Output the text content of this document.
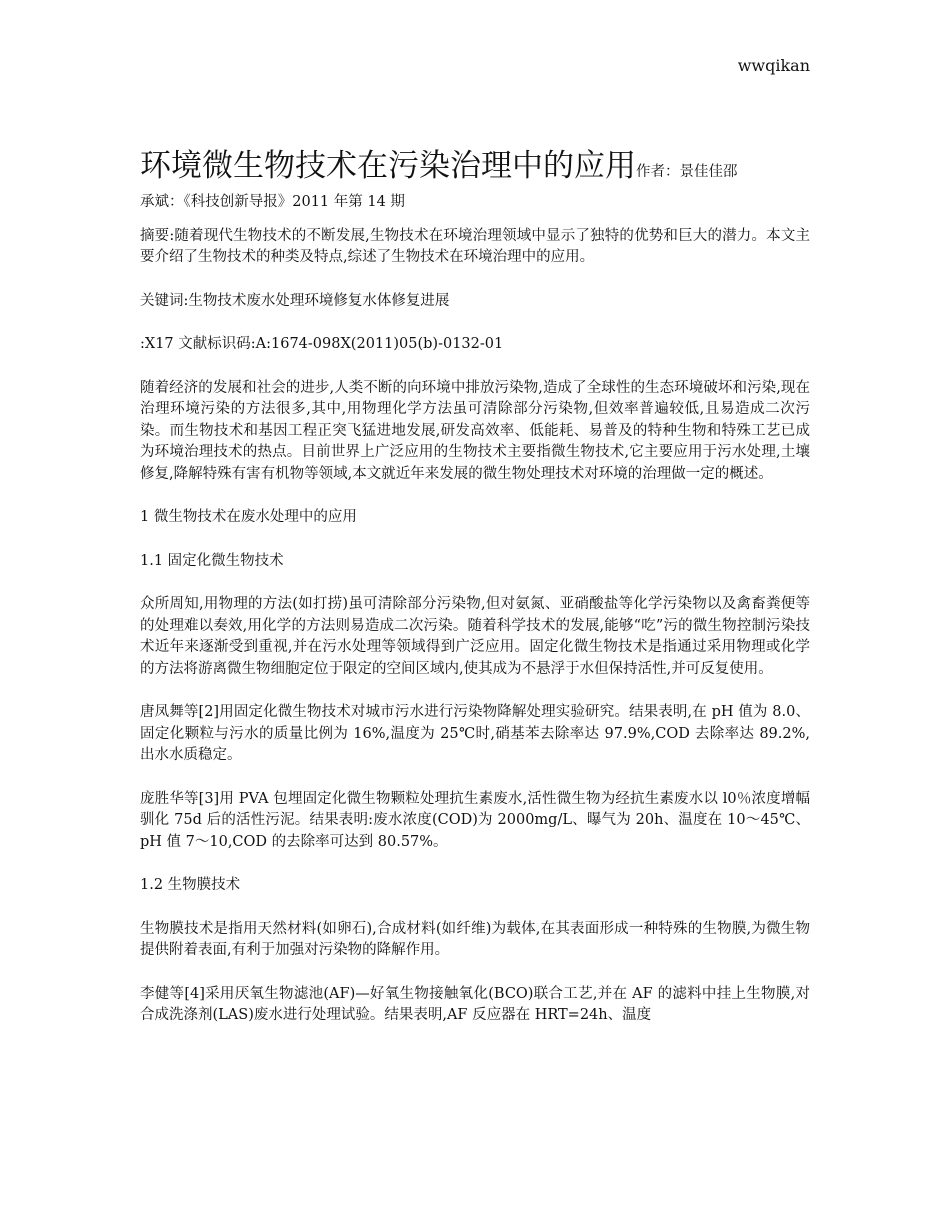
wwqikan

环境微生物技术在污染治理中的应用作者：景佳佳邵

承斌：《科技创新导报》2011 年第 14 期

摘要:随着现代生物技术的不断发展,生物技术在环境治理领域中显示了独特的优势和巨大的潜力。本文主要介绍了生物技术的种类及特点,综述了生物技术在环境治理中的应用。

关键词:生物技术废水处理环境修复水体修复进展

:X17 文献标识码:A:1674-098X(2011)05(b)-0132-01

随着经济的发展和社会的进步,人类不断的向环境中排放污染物,造成了全球性的生态环境破坏和污染,现在治理环境污染的方法很多,其中,用物理化学方法虽可清除部分污染物,但效率普遍较低,且易造成二次污染。而生物技术和基因工程正突飞猛进地发展,研发高效率、低能耗、易普及的特种生物和特殊工艺已成为环境治理技术的热点。目前世界上广泛应用的生物技术主要指微生物技术,它主要应用于污水处理,土壤修复,降解特殊有害有机物等领域,本文就近年来发展的微生物处理技术对环境的治理做一定的概述。

1 微生物技术在废水处理中的应用

1.1 固定化微生物技术

众所周知,用物理的方法(如打捞)虽可清除部分污染物,但对氨氮、亚硝酸盐等化学污染物以及禽畜粪便等的处理难以奏效,用化学的方法则易造成二次污染。随着科学技术的发展,能够“吃”污的微生物控制污染技术近年来逐渐受到重视,并在污水处理等领域得到广泛应用。固定化微生物技术是指通过采用物理或化学的方法将游离微生物细胞定位于限定的空间区域内,使其成为不悬浮于水但保持活性,并可反复使用。

唐凤舞等[2]用固定化微生物技术对城市污水进行污染物降解处理实验研究。结果表明,在 pH 值为 8.0、固定化颗粒与污水的质量比例为 16%,温度为 25℃时,硝基苯去除率达 97.9%,COD 去除率达 89.2%,出水水质稳定。

庞胜华等[3]用 PVA 包埋固定化微生物颗粒处理抗生素废水,活性微生物为经抗生素废水以 l0％浓度增幅驯化 75d 后的活性污泥。结果表明:废水浓度(COD)为 2000mg/L、曝气为 20h、温度在 10～45℃、pH 值 7～10,COD 的去除率可达到 80.57%。

1.2 生物膜技术

生物膜技术是指用天然材料(如卵石),合成材料(如纤维)为载体,在其表面形成一种特殊的生物膜,为微生物提供附着表面,有利于加强对污染物的降解作用。

李健等[4]采用厌氧生物滤池(AF)—好氧生物接触氧化(BCO)联合工艺,并在 AF 的滤料中挂上生物膜,对合成洗涤剂(LAS)废水进行处理试验。结果表明,AF 反应器在 HRT=24h、温度
